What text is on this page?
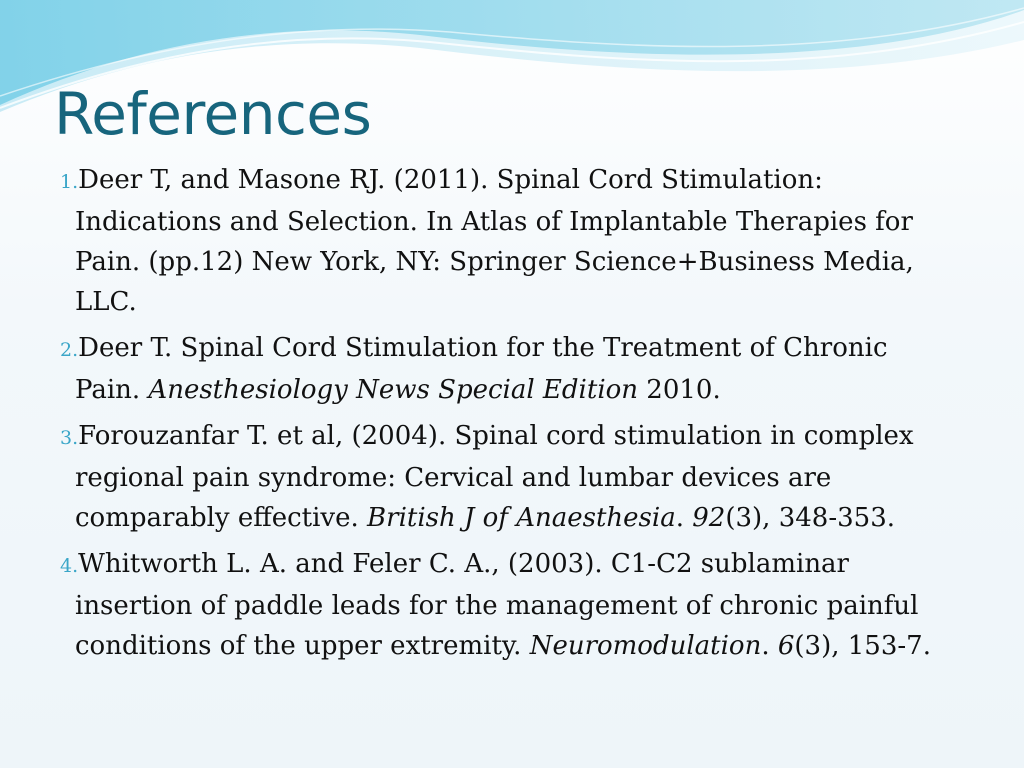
References
1.Deer T, and Masone RJ. (2011). Spinal Cord Stimulation: Indications and Selection. In Atlas of Implantable Therapies for Pain. (pp.12) New York, NY: Springer Science+Business Media, LLC.
2.Deer T. Spinal Cord Stimulation for the Treatment of Chronic Pain. Anesthesiology News Special Edition 2010.
3.Forouzanfar T. et al, (2004). Spinal cord stimulation in complex regional pain syndrome: Cervical and lumbar devices are comparably effective. British J of Anaesthesia. 92(3), 348-353.
4.Whitworth L. A. and Feler C. A., (2003). C1-C2 sublaminar insertion of paddle leads for the management of chronic painful conditions of the upper extremity. Neuromodulation. 6(3), 153-7.
